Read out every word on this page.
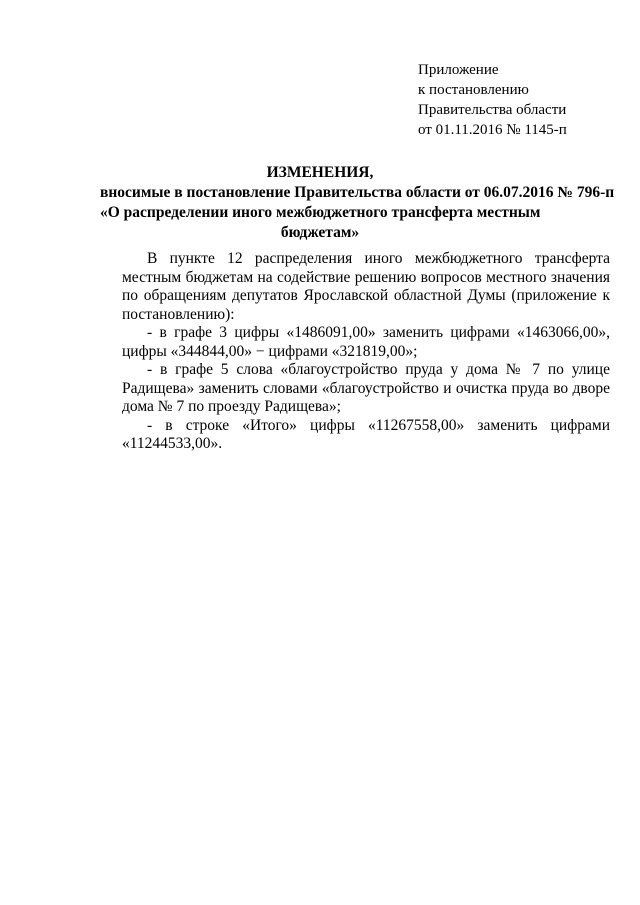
Приложение
к постановлению
Правительства области
от 01.11.2016 № 1145-п
ИЗМЕНЕНИЯ,
вносимые в постановление Правительства области от 06.07.2016 № 796-п
«О распределении иного межбюджетного трансферта местным
бюджетам»

В пункте 12 распределения иного межбюджетного трансферта местным бюджетам на содействие решению вопросов местного значения по обращениям депутатов Ярославской областной Думы (приложение к постановлению):

- в графе 3 цифры «1486091,00» заменить цифрами «1463066,00», цифры «344844,00» − цифрами «321819,00»;

- в графе 5 слова «благоустройство пруда у дома № 7 по улице Радищева» заменить словами «благоустройство и очистка пруда во дворе дома № 7 по проезду Радищева»;

- в строке «Итого» цифры «11267558,00» заменить цифрами «11244533,00».
